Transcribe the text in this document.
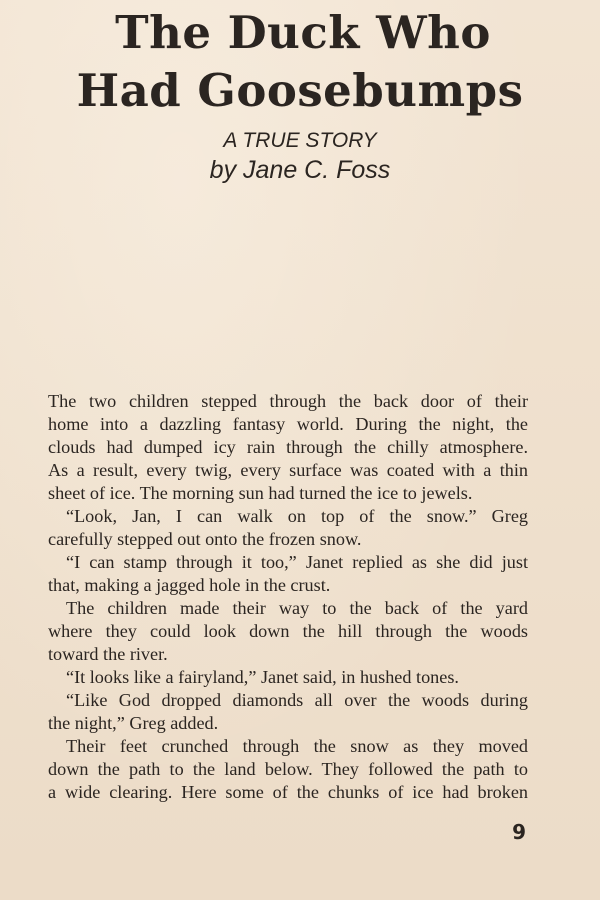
The Duck Who
Had Goosebumps
A TRUE STORY
by Jane C. Foss
The two children stepped through the back door of their
home into a dazzling fantasy world. During the night, the
clouds had dumped icy rain through the chilly atmosphere.
As a result, every twig, every surface was coated with a thin
sheet of ice. The morning sun had turned the ice to jewels.
“Look, Jan, I can walk on top of the snow.” Greg
carefully stepped out onto the frozen snow.
“I can stamp through it too,” Janet replied as she did just
that, making a jagged hole in the crust.
The children made their way to the back of the yard
where they could look down the hill through the woods
toward the river.
“It looks like a fairyland,” Janet said, in hushed tones.
“Like God dropped diamonds all over the woods during
the night,” Greg added.
Their feet crunched through the snow as they moved
down the path to the land below. They followed the path to
a wide clearing. Here some of the chunks of ice had broken
9
